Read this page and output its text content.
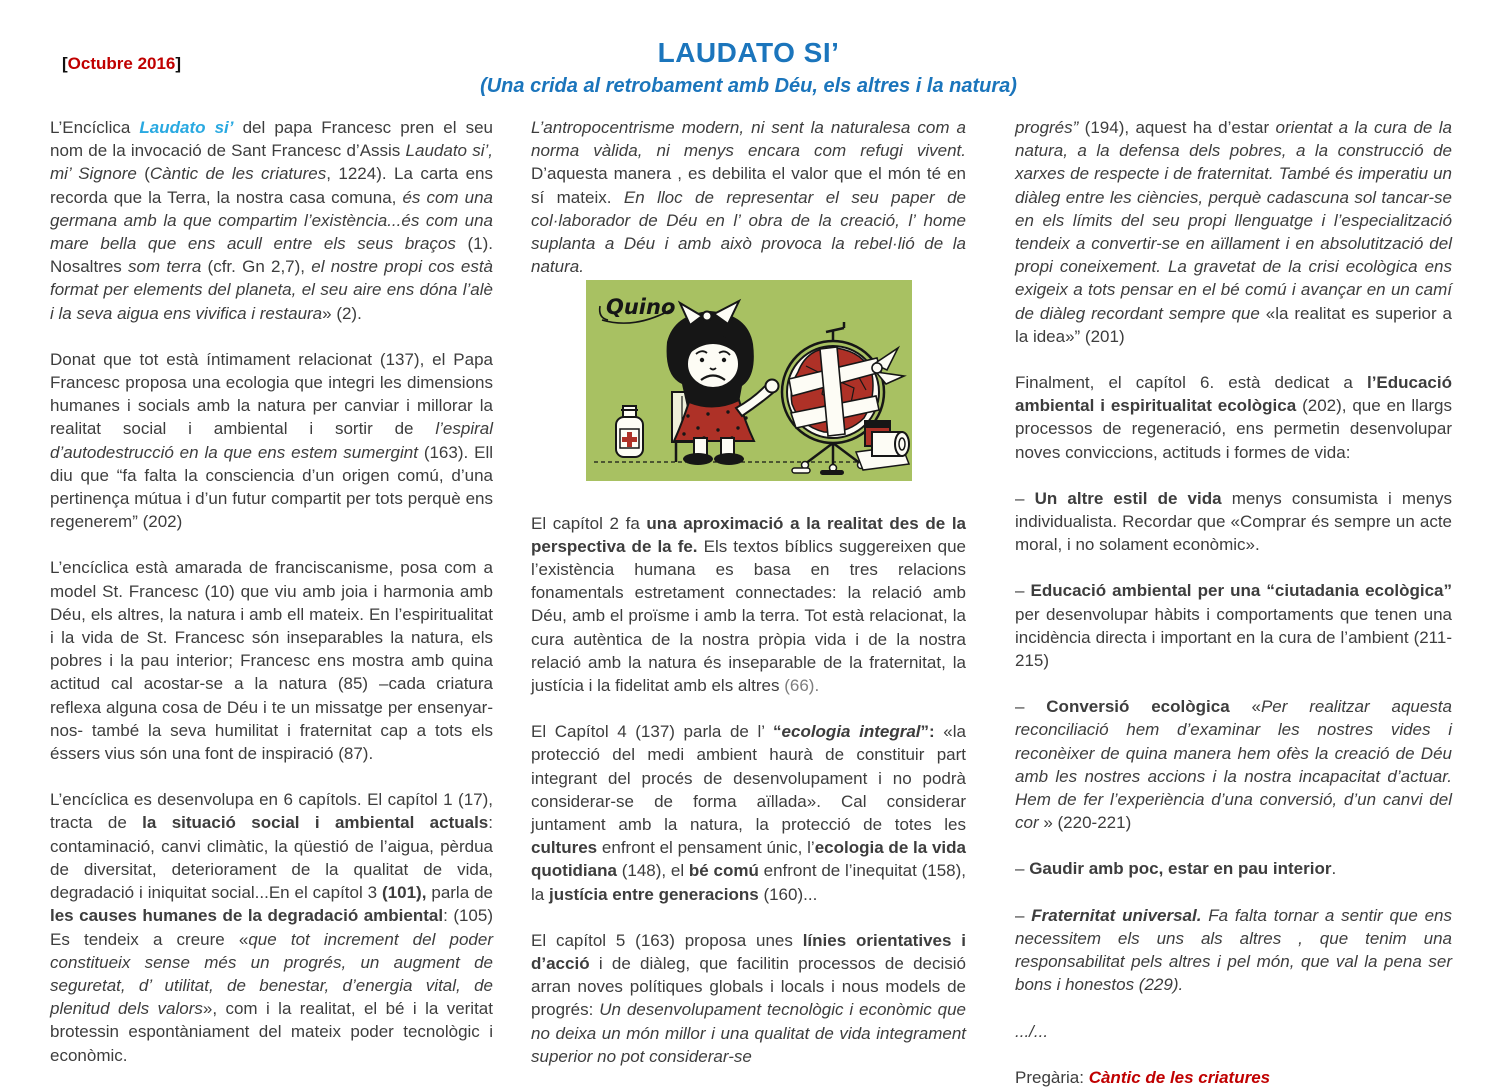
[Octubre 2016]	LAUDATO SI’
(Una crida al retrobament amb Déu, els altres i la natura)

L’Encíclica Laudato si’ del papa Francesc pren el seu nom de la invocació de Sant Francesc d’Assis Laudato si’, mi’ Signore (Càntic de les criatures, 1224). La carta ens recorda que la Terra, la nostra casa comuna, és com una germana amb la que compartim l’existència...és com una mare bella que ens acull entre els seus braços (1). Nosaltres som terra (cfr. Gn 2,7), el nostre propi cos està format per elements del planeta, el seu aire ens dóna l’alè i la seva aigua ens vivifica i restaura» (2).

Donat que tot està íntimament relacionat (137), el Papa Francesc proposa una ecologia que integri les dimensions humanes i socials amb la natura per canviar i millorar la realitat social i ambiental i sortir de l’espiral d’autodestrucció en la que ens estem sumergint (163). Ell diu que “fa falta la consciencia d’un origen comú, d’una pertinença mútua i d’un futur compartit per tots perquè ens regenerem” (202)

L’encíclica està amarada de franciscanisme, posa com a model St. Francesc (10) que viu amb joia i harmonia amb Déu, els altres, la natura i amb ell mateix. En l’espiritualitat i la vida de St. Francesc són inseparables la natura, els pobres i la pau interior; Francesc ens mostra amb quina actitud cal acostar-se a la natura (85) –cada criatura reflexa alguna cosa de Déu i te un missatge per ensenyar-nos- també la seva humilitat i fraternitat cap a tots els éssers vius són una font de inspiració (87).

L’encíclica es desenvolupa en 6 capítols. El capítol 1 (17), tracta de la situació social i ambiental actuals: contaminació, canvi climàtic, la qüestió de l’aigua, pèrdua de diversitat, deteriorament de la qualitat de vida, degradació i iniquitat social...En el capítol 3 (101), parla de les causes humanes de la degradació ambiental: (105) Es tendeix a creure «que tot increment del poder constitueix sense més un progrés, un augment de seguretat, d’ utilitat, de benestar, d’energia vital, de plenitud dels valors», com i la realitat, el bé i la veritat brotessin espontàniament del mateix poder tecnològic i econòmic.

L’antropocentrisme modern, ni sent la naturalesa com a norma vàlida, ni menys encara com refugi vivent. D’aquesta manera , es debilita el valor que el món té en sí mateix. En lloc de representar el seu paper de col·laborador de Déu en l’ obra de la creació, l’ home suplanta a Déu i amb això provoca la rebel·lió de la natura.

Quino

El capítol 2 fa una aproximació a la realitat des de la perspectiva de la fe. Els textos bíblics suggereixen que l’existència humana es basa en tres relacions fonamentals estretament connectades: la relació amb Déu, amb el proïsme i amb la terra. Tot està relacionat, la cura autèntica de la nostra pròpia vida i de la nostra relació amb la natura és inseparable de la fraternitat, la justícia i la fidelitat amb els altres (66).

El Capítol 4 (137) parla de l’ “ecologia integral”: «la protecció del medi ambient haurà de constituir part integrant del procés de desenvolupament i no podrà considerar-se de forma aïllada». Cal considerar juntament amb la natura, la protecció de totes les cultures enfront el pensament únic, l’ecologia de la vida quotidiana (148), el bé comú enfront de l’inequitat (158), la justícia entre generacions (160)...

El capítol 5 (163) proposa unes línies orientatives i d’acció i de diàleg, que facilitin processos de decisió arran noves polítiques globals i locals i nous models de progrés: Un desenvolupament tecnològic i econòmic que no deixa un món millor i una qualitat de vida integrament superior no pot considerar-se

progrés” (194), aquest ha d’estar orientat a la cura de la natura, a la defensa dels pobres, a la construcció de xarxes de respecte i de fraternitat. També és imperatiu un diàleg entre les ciències, perquè cadascuna sol tancar-se en els límits del seu propi llenguatge i l’especialització tendeix a convertir-se en aïllament i en absolutització del propi coneixement. La gravetat de la crisi ecològica ens exigeix a tots pensar en el bé comú i avançar en un camí de diàleg recordant sempre que «la realitat es superior a la idea»” (201)

Finalment, el capítol 6. està dedicat a l’Educació ambiental i espiritualitat ecològica (202), que en llargs processos de regeneració, ens permetin desenvolupar noves conviccions, actituds i formes de vida:

– Un altre estil de vida menys consumista i menys individualista. Recordar que «Comprar és sempre un acte moral, i no solament econòmic».

– Educació ambiental per una “ciutadania ecològica” per desenvolupar hàbits i comportaments que tenen una incidència directa i important en la cura de l’ambient (211-215)

– Conversió ecològica «Per realitzar aquesta reconciliació hem d’examinar les nostres vides i reconèixer de quina manera hem ofès la creació de Déu amb les nostres accions i la nostra incapacitat d’actuar. Hem de fer l’experiència d’una conversió, d’un canvi del cor » (220-221)

– Gaudir amb poc, estar en pau interior.

– Fraternitat universal. Fa falta tornar a sentir que ens necessitem els uns als altres , que tenim una responsabilitat pels altres i pel món, que val la pena ser bons i honestos (229).

.../...

Pregària: Càntic de les criatures
